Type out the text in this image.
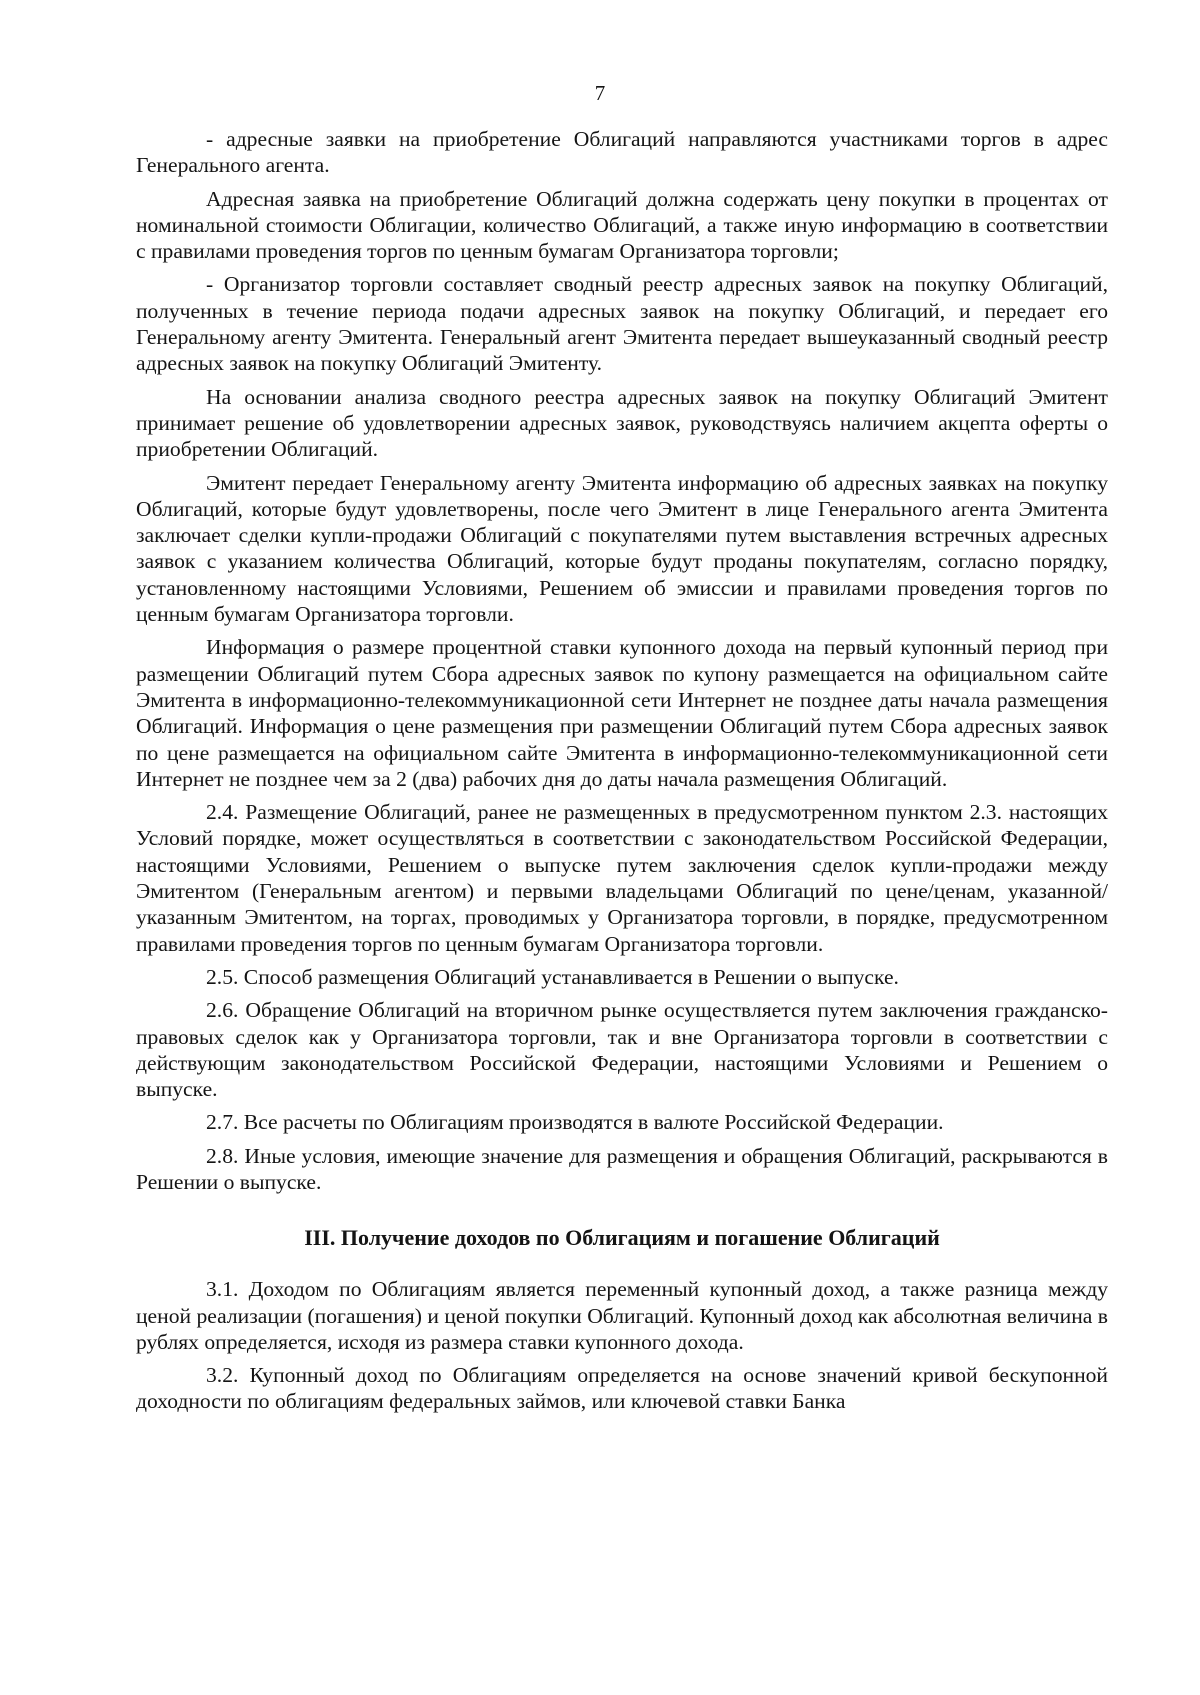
7

- адресные заявки на приобретение Облигаций направляются участниками торгов в адрес Генерального агента.

Адресная заявка на приобретение Облигаций должна содержать цену покупки в процентах от номинальной стоимости Облигации, количество Облигаций, а также иную информацию в соответствии с правилами проведения торгов по ценным бумагам Организатора торговли;

- Организатор торговли составляет сводный реестр адресных заявок на покупку Облигаций, полученных в течение периода подачи адресных заявок на покупку Облигаций, и передает его Генеральному агенту Эмитента. Генеральный агент Эмитента передает вышеуказанный сводный реестр адресных заявок на покупку Облигаций Эмитенту.

На основании анализа сводного реестра адресных заявок на покупку Облигаций Эмитент принимает решение об удовлетворении адресных заявок, руководствуясь наличием акцепта оферты о приобретении Облигаций.

Эмитент передает Генеральному агенту Эмитента информацию об адресных заявках на покупку Облигаций, которые будут удовлетворены, после чего Эмитент в лице Генерального агента Эмитента заключает сделки купли-продажи Облигаций с покупателями путем выставления встречных адресных заявок с указанием количества Облигаций, которые будут проданы покупателям, согласно порядку, установленному настоящими Условиями, Решением об эмиссии и правилами проведения торгов по ценным бумагам Организатора торговли.

Информация о размере процентной ставки купонного дохода на первый купонный период при размещении Облигаций путем Сбора адресных заявок по купону размещается на официальном сайте Эмитента в информационно-телекоммуникационной сети Интернет не позднее даты начала размещения Облигаций. Информация о цене размещения при размещении Облигаций путем Сбора адресных заявок по цене размещается на официальном сайте Эмитента в информационно-телекоммуникационной сети Интернет не позднее чем за 2 (два) рабочих дня до даты начала размещения Облигаций.

2.4. Размещение Облигаций, ранее не размещенных в предусмотренном пунктом 2.3. настоящих Условий порядке, может осуществляться в соответствии с законодательством Российской Федерации, настоящими Условиями, Решением о выпуске путем заключения сделок купли-продажи между Эмитентом (Генеральным агентом) и первыми владельцами Облигаций по цене/ценам, указанной/указанным Эмитентом, на торгах, проводимых у Организатора торговли, в порядке, предусмотренном правилами проведения торгов по ценным бумагам Организатора торговли.

2.5. Способ размещения Облигаций устанавливается в Решении о выпуске.

2.6. Обращение Облигаций на вторичном рынке осуществляется путем заключения гражданско-правовых сделок как у Организатора торговли, так и вне Организатора торговли в соответствии с действующим законодательством Российской Федерации, настоящими Условиями и Решением о выпуске.

2.7. Все расчеты по Облигациям производятся в валюте Российской Федерации.

2.8. Иные условия, имеющие значение для размещения и обращения Облигаций, раскрываются в Решении о выпуске.

III. Получение доходов по Облигациям и погашение Облигаций

3.1. Доходом по Облигациям является переменный купонный доход, а также разница между ценой реализации (погашения) и ценой покупки Облигаций. Купонный доход как абсолютная величина в рублях определяется, исходя из размера ставки купонного дохода.

3.2. Купонный доход по Облигациям определяется на основе значений кривой бескупонной доходности по облигациям федеральных займов, или ключевой ставки Банка
